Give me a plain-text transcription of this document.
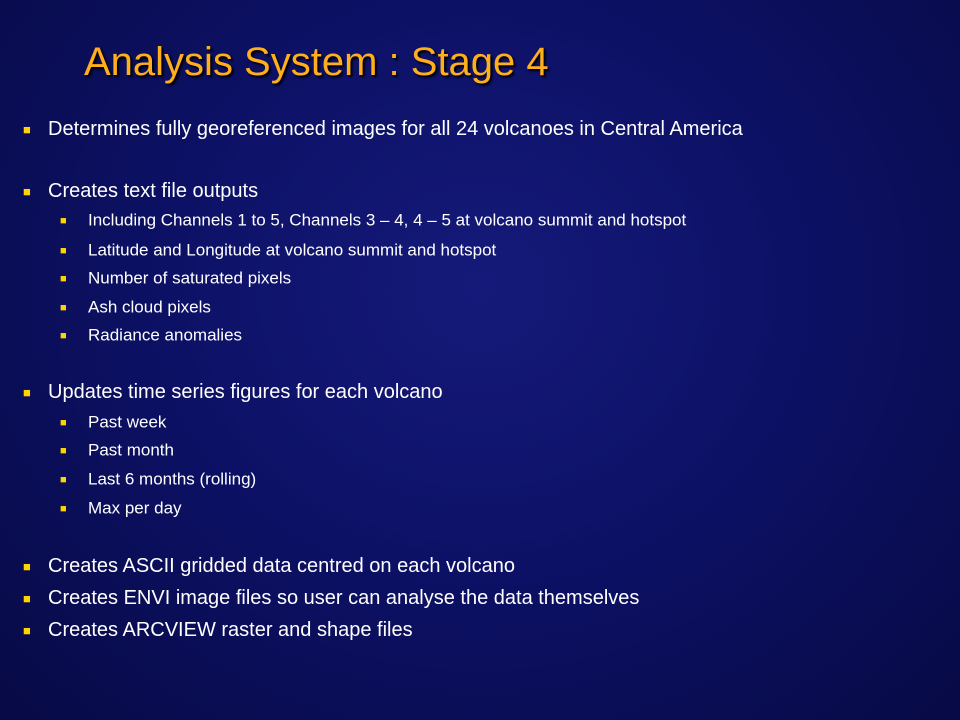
Analysis System : Stage 4
■ Determines fully georeferenced images for all 24 volcanoes in Central America
■ Creates text file outputs
■ Including Channels 1 to 5, Channels 3 – 4, 4 – 5 at volcano summit and hotspot
■ Latitude and Longitude at volcano summit and hotspot
■ Number of saturated pixels
■ Ash cloud pixels
■ Radiance anomalies
■ Updates time series figures for each volcano
■ Past week
■ Past month
■ Last 6 months (rolling)
■ Max per day
■ Creates ASCII gridded data centred on each volcano
■ Creates ENVI image files so user can analyse the data themselves
■ Creates ARCVIEW raster and shape files
